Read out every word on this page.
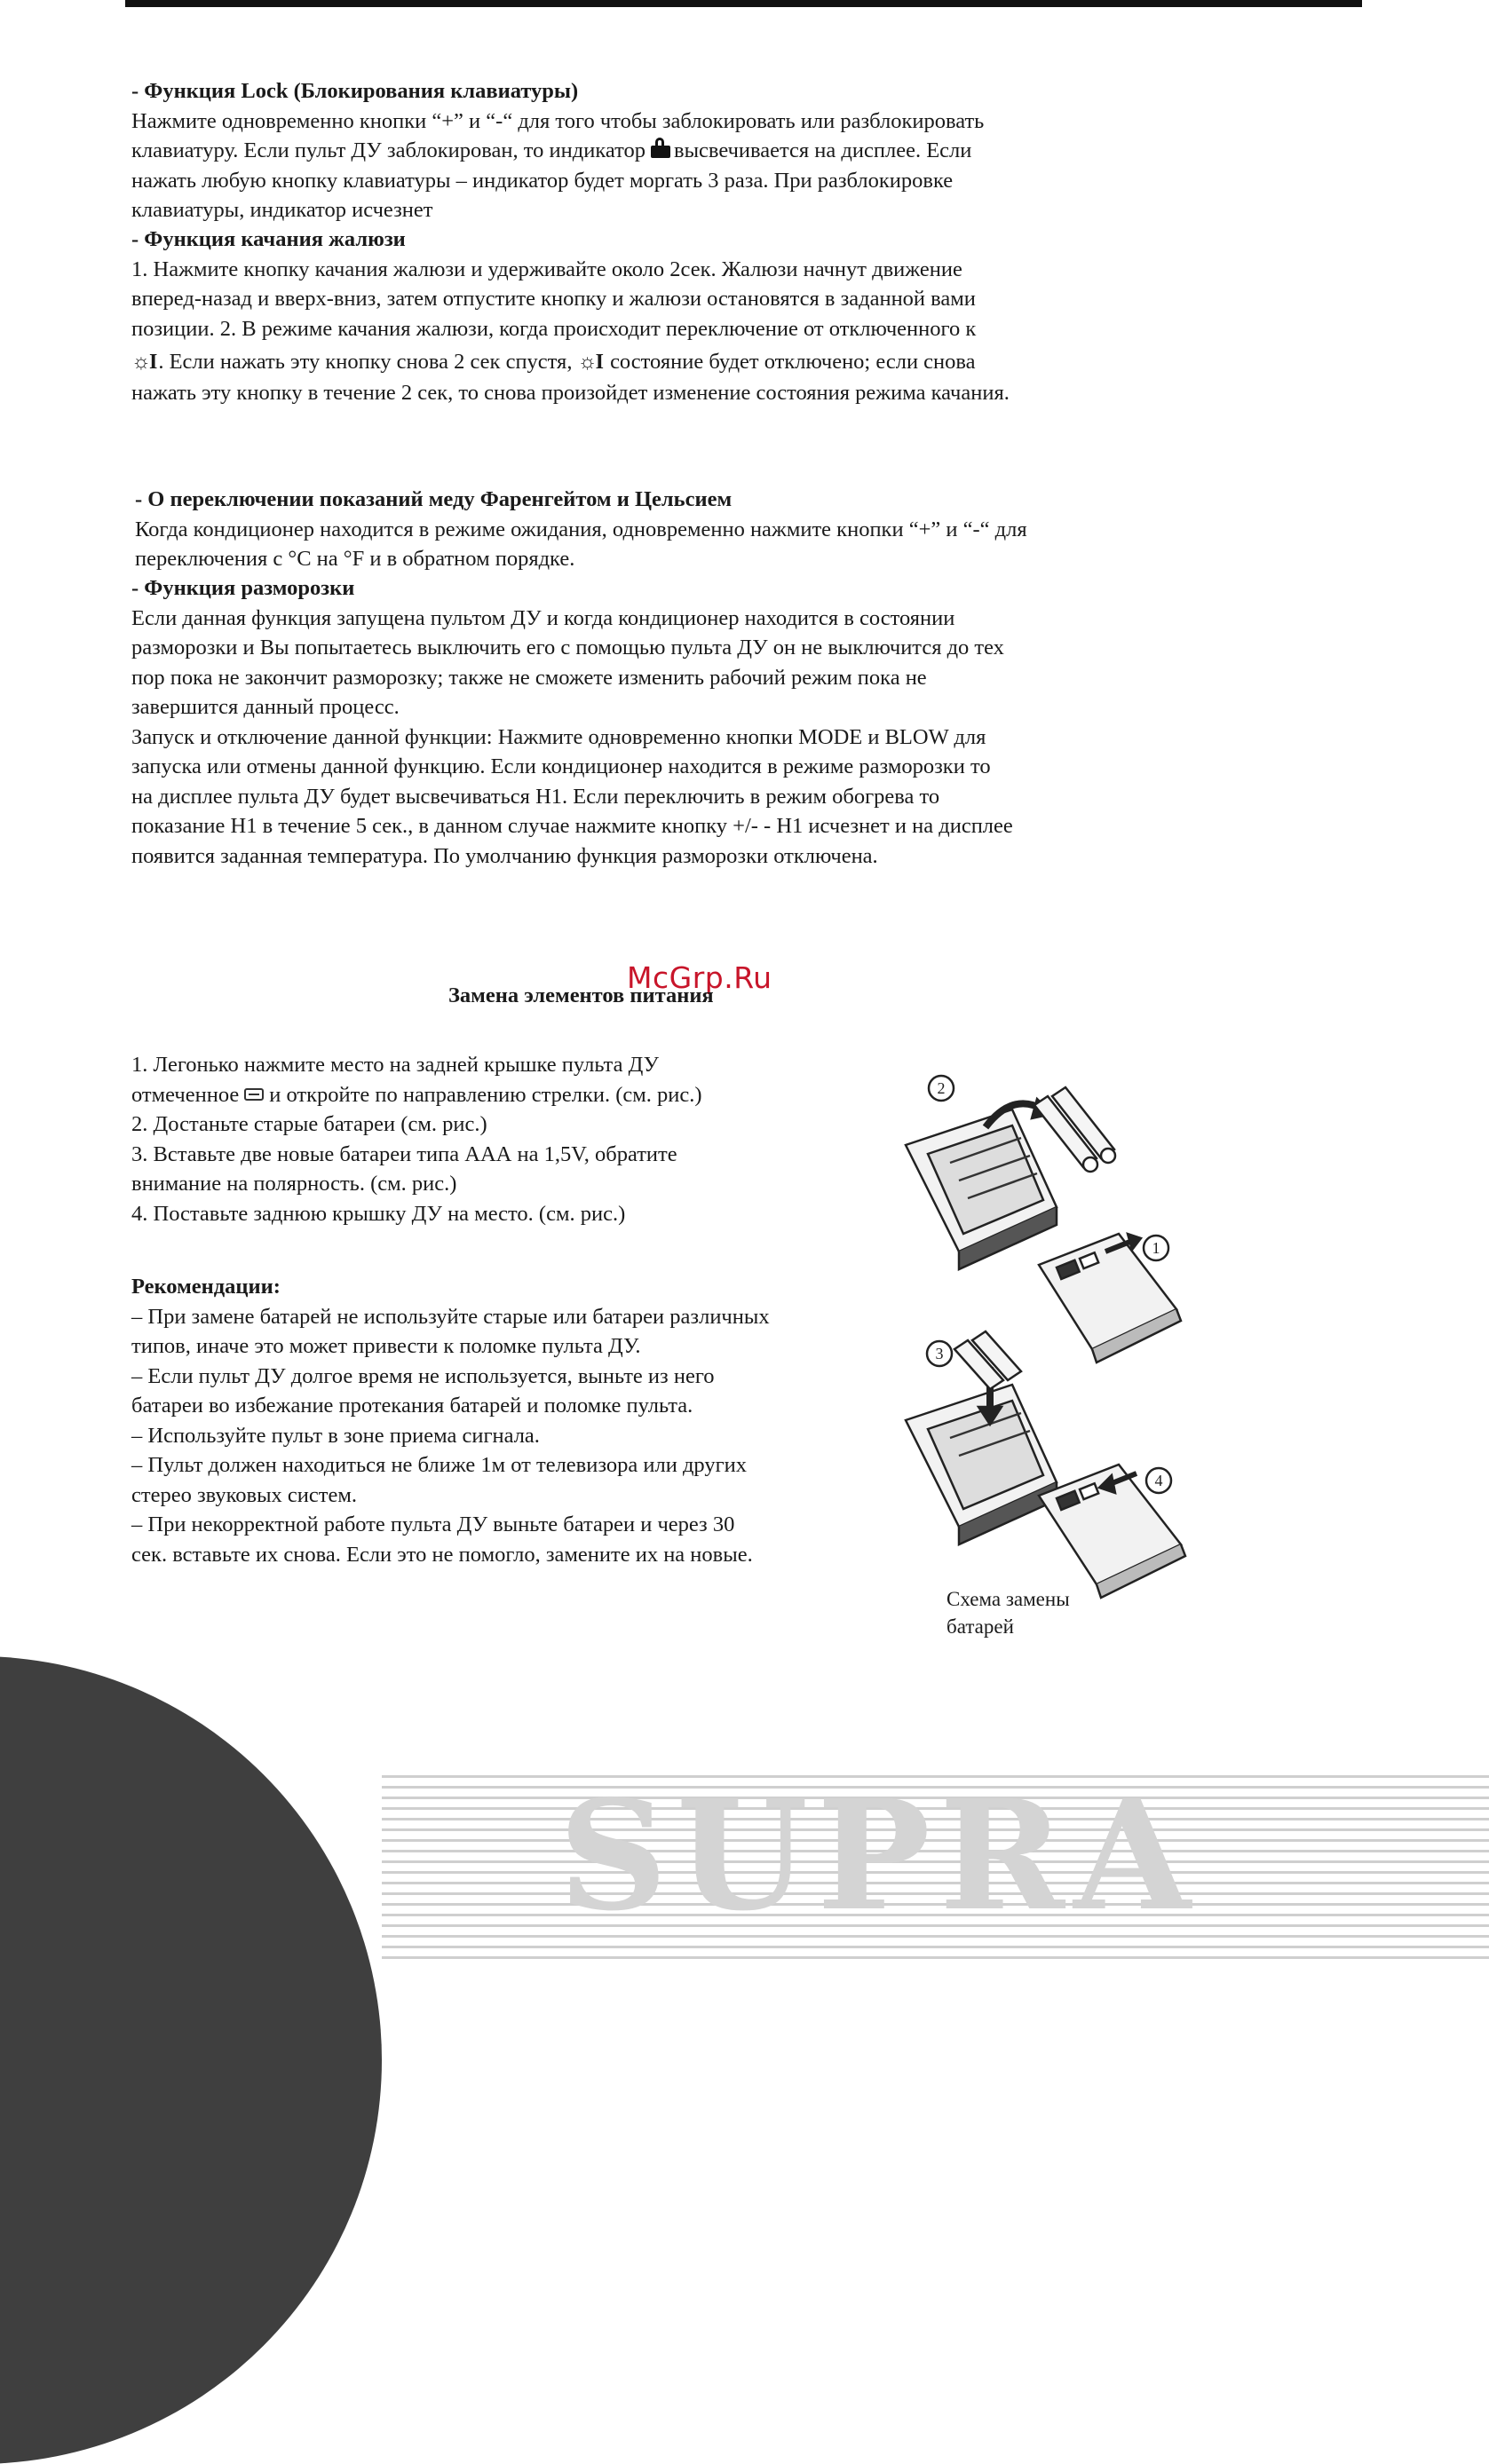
- Функция Lock (Блокирования клавиатуры)
Нажмите одновременно кнопки “+” и “-“ для того чтобы заблокировать или разблокировать
клавиатуру. Если пульт ДУ заблокирован, то индикатор высвечивается на дисплее. Если
нажать любую кнопку клавиатуры – индикатор будет моргать 3 раза. При разблокировке
клавиатуры, индикатор исчезнет
- Функция качания жалюзи
1. Нажмите кнопку качания жалюзи и удерживайте около 2сек. Жалюзи начнут движение
вперед-назад и вверх-вниз, затем отпустите кнопку и жалюзи остановятся в заданной вами
позиции. 2. В режиме качания жалюзи, когда происходит переключение от отключенного к
☼I . Если нажать эту кнопку снова 2 сек спустя, ☼I состояние будет отключено; если снова
нажать эту кнопку в течение 2 сек, то снова произойдет изменение состояния режима качания.
- О переключении показаний меду Фаренгейтом и Цельсием
Когда кондиционер находится в режиме ожидания, одновременно нажмите кнопки “+” и “-“ для
переключения с °С на °F и в обратном порядке.
- Функция разморозки
Если данная функция запущена пультом ДУ и когда кондиционер находится в состоянии
разморозки и Вы попытаетесь выключить его с помощью пульта ДУ он не выключится до тех
пор пока не закончит разморозку; также не сможете изменить рабочий режим пока не
завершится данный процесс.
Запуск и отключение данной функции: Нажмите одновременно кнопки MODE и BLOW для
запуска или отмены данной функцию. Если кондиционер находится в режиме разморозки то
на дисплее пульта ДУ будет высвечиваться H1. Если переключить в режим обогрева то
показание H1 в течение 5 сек., в данном случае нажмите кнопку +/- - H1 исчезнет и на дисплее
появится заданная температура. По умолчанию функция разморозки отключена.
McGrp.Ru
Замена элементов питания
1. Легонько нажмите место на задней крышке пульта ДУ
отмеченное и откройте по направлению стрелки. (см. рис.)
2. Достаньте старые батареи (см. рис.)
3. Вставьте две новые батареи типа ААА на 1,5V, обратите
внимание на полярность. (см. рис.)
4. Поставьте заднюю крышку ДУ на место. (см. рис.)
Рекомендации:
– При замене батарей не используйте старые или батареи различных
типов, иначе это может привести к поломке пульта ДУ.
– Если пульт ДУ долгое время не используется, выньте из него
батареи во избежание протекания батарей и поломке пульта.
– Используйте пульт в зоне приема сигнала.
– Пульт должен находиться не ближе 1м от телевизора или других
стерео звуковых систем.
– При некорректной работе пульта ДУ выньте батареи и через 30
сек. вставьте их снова. Если это не помогло, замените их на новые.
1
2
3
4
Схема замены
батарей
SUPRA
